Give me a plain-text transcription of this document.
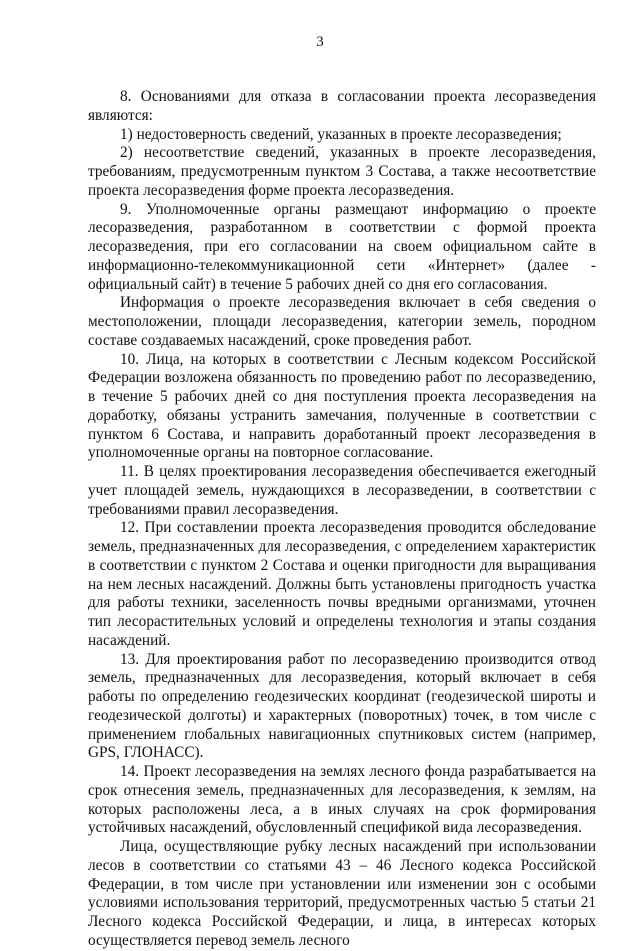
3

8. Основаниями для отказа в согласовании проекта лесоразведения являются:

1) недостоверность сведений, указанных в проекте лесоразведения;

2) несоответствие сведений, указанных в проекте лесоразведения, требованиям, предусмотренным пунктом 3 Состава, а также несоответствие проекта лесоразведения форме проекта лесоразведения.

9. Уполномоченные органы размещают информацию о проекте лесоразведения, разработанном в соответствии с формой проекта лесоразведения, при его согласовании на своем официальном сайте в информационно-телекоммуникационной сети «Интернет» (далее - официальный сайт) в течение 5 рабочих дней со дня его согласования.

Информация о проекте лесоразведения включает в себя сведения о местоположении, площади лесоразведения, категории земель, породном составе создаваемых насаждений, сроке проведения работ.

10. Лица, на которых в соответствии с Лесным кодексом Российской Федерации возложена обязанность по проведению работ по лесоразведению, в течение 5 рабочих дней со дня поступления проекта лесоразведения на доработку, обязаны устранить замечания, полученные в соответствии с пунктом 6 Состава, и направить доработанный проект лесоразведения в уполномоченные органы на повторное согласование.

11. В целях проектирования лесоразведения обеспечивается ежегодный учет площадей земель, нуждающихся в лесоразведении, в соответствии с требованиями правил лесоразведения.

12. При составлении проекта лесоразведения проводится обследование земель, предназначенных для лесоразведения, с определением характеристик в соответствии с пунктом 2 Состава и оценки пригодности для выращивания на нем лесных насаждений. Должны быть установлены пригодность участка для работы техники, заселенность почвы вредными организмами, уточнен тип лесорастительных условий и определены технология и этапы создания насаждений.

13. Для проектирования работ по лесоразведению производится отвод земель, предназначенных для лесоразведения, который включает в себя работы по определению геодезических координат (геодезической широты и геодезической долготы) и характерных (поворотных) точек, в том числе с применением глобальных навигационных спутниковых систем (например, GPS, ГЛОНАСС).

14. Проект лесоразведения на землях лесного фонда разрабатывается на срок отнесения земель, предназначенных для лесоразведения, к землям, на которых расположены леса, а в иных случаях на срок формирования устойчивых насаждений, обусловленный спецификой вида лесоразведения.

Лица, осуществляющие рубку лесных насаждений при использовании лесов в соответствии со статьями 43 – 46 Лесного кодекса Российской Федерации, в том числе при установлении или изменении зон с особыми условиями использования территорий, предусмотренных частью 5 статьи 21 Лесного кодекса Российской Федерации, и лица, в интересах которых осуществляется перевод земель лесного
